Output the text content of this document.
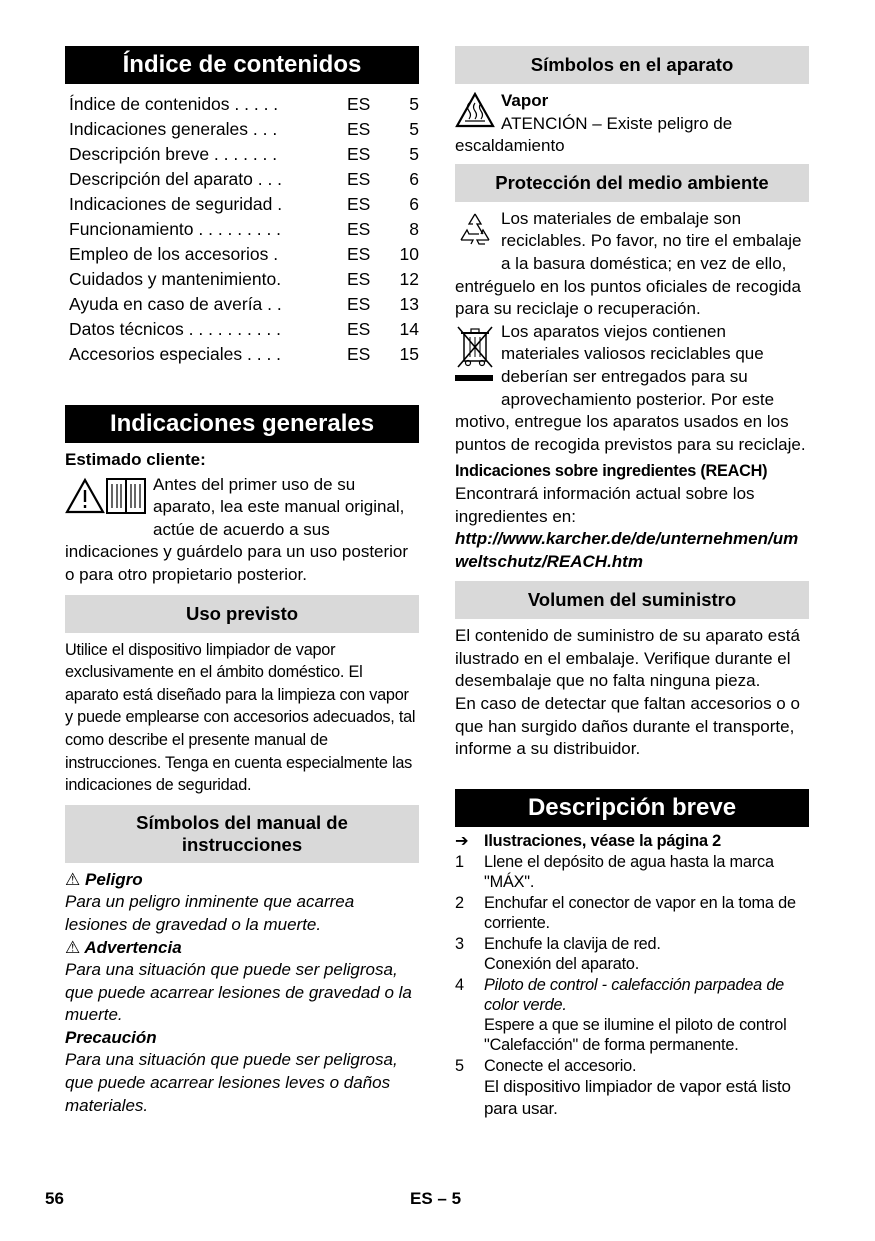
Índice de contenidos
Índice de contenidos . . . . .	ES	5
Indicaciones generales . . .	ES	5
Descripción breve . . . . . . .	ES	5
Descripción del aparato . . .	ES	6
Indicaciones de seguridad .	ES	6
Funcionamiento . . . . . . . . .	ES	8
Empleo de los accesorios .	ES	10
Cuidados y mantenimiento.	ES	12
Ayuda en caso de avería . .	ES	13
Datos técnicos . . . . . . . . . .	ES	14
Accesorios especiales . . . .	ES	15
Indicaciones generales

Estimado cliente:

Antes del primer uso de su aparato, lea este manual original, actúe de acuerdo a sus indicaciones y guárdelo para un uso posterior o para otro propietario posterior.

Uso previsto

Utilice el dispositivo limpiador de vapor exclusivamente en el ámbito doméstico. El aparato está diseñado para la limpieza con vapor y puede emplearse con accesorios adecuados, tal como describe el presente manual de instrucciones. Tenga en cuenta especialmente las indicaciones de seguridad.

Símbolos del manual de instrucciones

⚠ Peligro

Para un peligro inminente que acarrea lesiones de gravedad o la muerte.

⚠ Advertencia

Para una situación que puede ser peligrosa, que puede acarrear lesiones de gravedad o la muerte.

Precaución

Para una situación que puede ser peligrosa, que puede acarrear lesiones leves o daños materiales.

Símbolos en el aparato

Vapor

ATENCIÓN – Existe peligro de escaldamiento

Protección del medio ambiente

Los materiales de embalaje son reciclables. Po favor, no tire el embalaje a la basura doméstica; en vez de ello, entréguelo en los puntos oficiales de recogida para su reciclaje o recuperación.

Los aparatos viejos contienen materiales valiosos reciclables que deberían ser entregados para su aprovechamiento posterior. Por este motivo, entregue los aparatos usados en los puntos de recogida previstos para su reciclaje.

Indicaciones sobre ingredientes (REACH)

Encontrará información actual sobre los ingredientes en:

http://www.karcher.de/de/unternehmen/umweltschutz/REACH.htm

Volumen del suministro

El contenido de suministro de su aparato está ilustrado en el embalaje. Verifique durante el desembalaje que no falta ninguna pieza.

En caso de detectar que faltan accesorios o o que han surgido daños durante el transporte, informe a su distribuidor.

Descripción breve
➔ Ilustraciones, véase la página 2
1	Llene el depósito de agua hasta la marca "MÁX".
2	Enchufar el conector de vapor en la toma de corriente.
3	Enchufe la clavija de red.
Conexión del aparato.
4	Piloto de control - calefacción parpadea de color verde.
Espere a que se ilumine el piloto de control "Calefacción" de forma permanente.
5	Conecte el accesorio.
El dispositivo limpiador de vapor está listo para usar.
56	ES – 5
